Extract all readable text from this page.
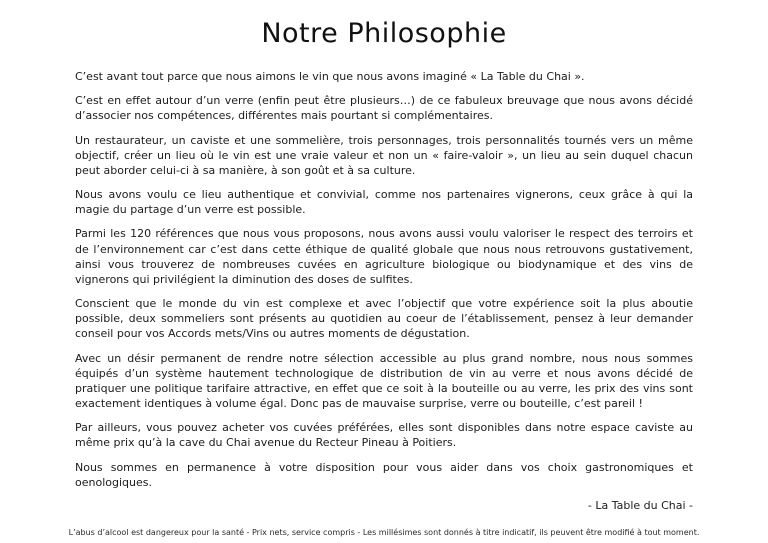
Notre Philosophie

C’est avant tout parce que nous aimons le vin que nous avons imaginé « La Table du Chai ».

C’est en effet autour d’un verre (enfin peut être plusieurs…) de ce fabuleux breuvage que nous avons décidé d’associer nos compétences, différentes mais pourtant si complémentaires.

Un restaurateur, un caviste et une sommelière, trois personnages, trois personnalités tournés vers un même objectif, créer un lieu où le vin est une vraie valeur et non un « faire-valoir », un lieu au sein duquel chacun peut aborder celui-ci à sa manière, à son goût et à sa culture.

Nous avons voulu ce lieu authentique et convivial, comme nos partenaires vignerons, ceux grâce à qui la magie du partage d’un verre est possible.

Parmi les 120 références que nous vous proposons, nous avons aussi voulu valoriser le respect des terroirs et de l’environnement car c’est dans cette éthique de qualité globale que nous nous retrouvons gustativement, ainsi vous trouverez de nombreuses cuvées en agriculture biologique ou biodynamique et des vins de vignerons qui privilégient la diminution des doses de sulfites.

Conscient que le monde du vin est complexe et avec l’objectif que votre expérience soit la plus aboutie possible, deux sommeliers sont présents au quotidien au coeur de l’établissement, pensez à leur demander conseil pour vos Accords mets/Vins ou autres moments de dégustation.

Avec un désir permanent de rendre notre sélection accessible au plus grand nombre, nous nous sommes équipés d’un système hautement technologique de distribution de vin au verre et nous avons décidé de pratiquer une politique tarifaire attractive, en effet que ce soit à la bouteille ou au verre, les prix des vins sont exactement identiques à volume égal. Donc pas de mauvaise surprise, verre ou bouteille, c’est pareil !

Par ailleurs, vous pouvez acheter vos cuvées préférées, elles sont disponibles dans notre espace caviste au même prix qu’à la cave du Chai avenue du Recteur Pineau à Poitiers.

Nous sommes en permanence à votre disposition pour vous aider dans vos choix gastronomiques et oenologiques.

- La Table du Chai -
L’abus d’alcool est dangereux pour la santé - Prix nets, service compris - Les millésimes sont donnés à titre indicatif, ils peuvent être modifié à tout moment.
